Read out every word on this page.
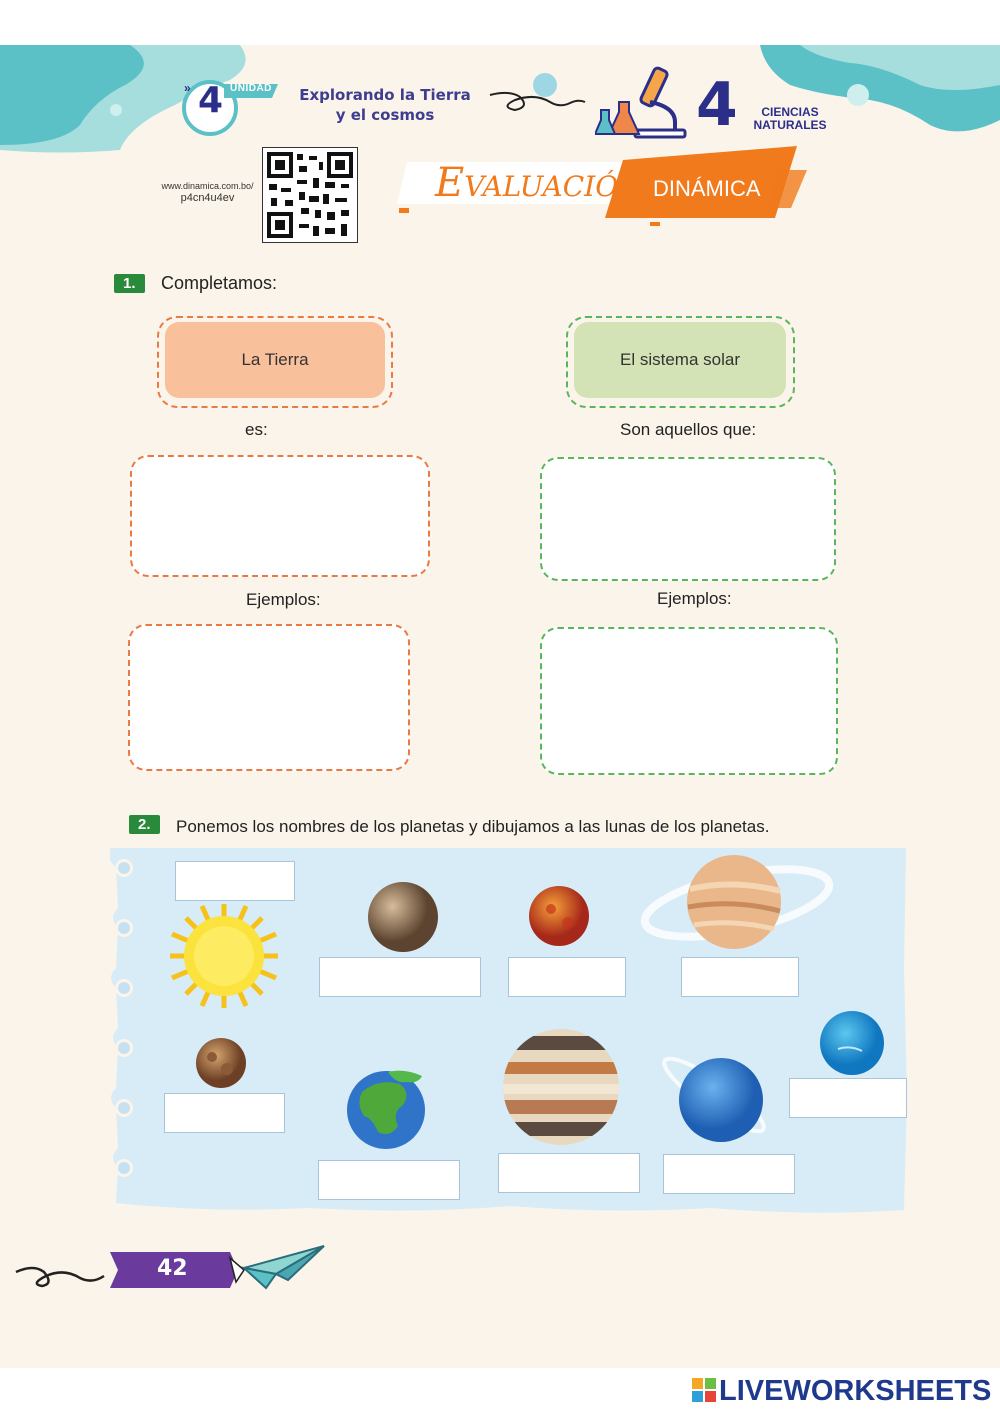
» 4 UNIDAD	Explorando la Tierra
y el cosmos	4	CIENCIAS
NATURALES
www.dinamica.com.bo/
p4cn4u4ev	Evaluación DINÁMICA
1.	Completamos:
La Tierra	El sistema solar
es:	Son aquellos que:
Ejemplos:	Ejemplos:
2.	Ponemos los nombres de los planetas y dibujamos a las lunas de los planetas.
42
LIVEWORKSHEETS
